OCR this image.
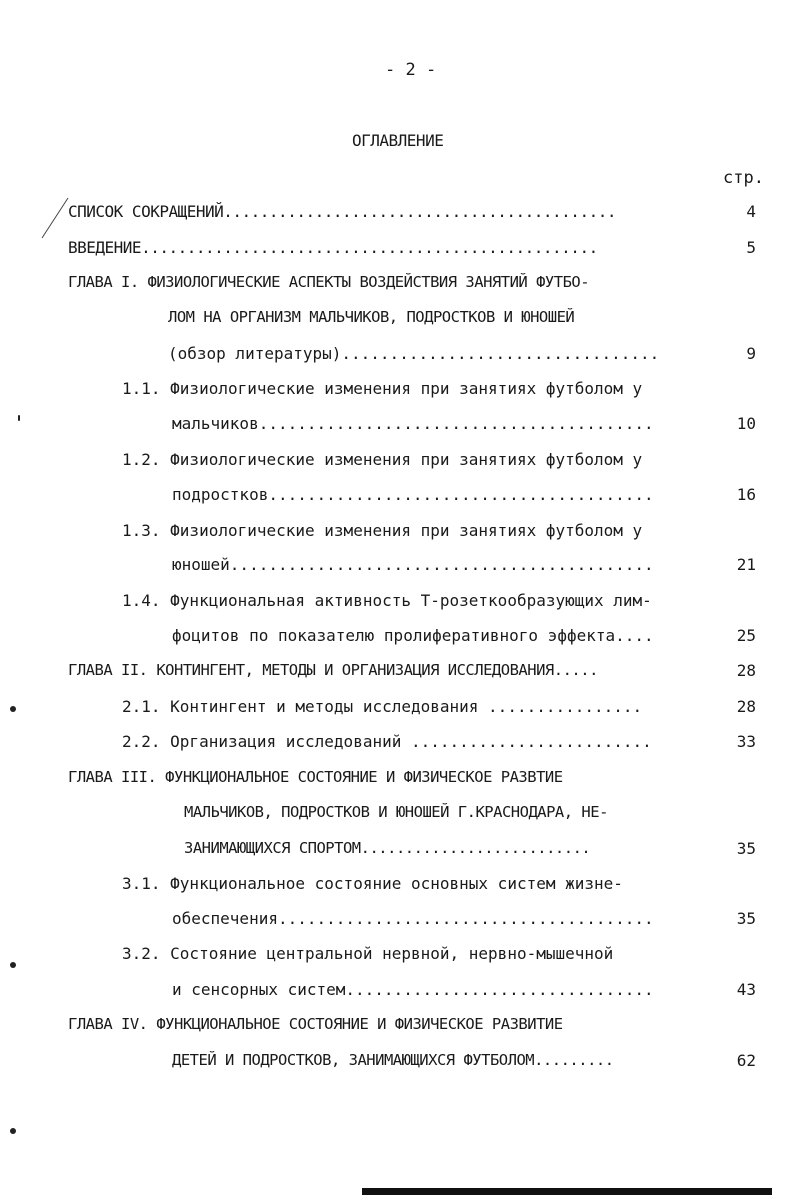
- 2 -
ОГЛАВЛЕНИЕ
стр.
СПИСОК СОКРАЩЕНИЙ...........................................	4
ВВЕДЕНИЕ..................................................	5
ГЛАВА I. ФИЗИОЛОГИЧЕСКИЕ АСПЕКТЫ ВОЗДЕЙСТВИЯ ЗАНЯТИЙ ФУТБО-
ЛОМ НА ОРГАНИЗМ МАЛЬЧИКОВ, ПОДРОСТКОВ И ЮНОШЕЙ
(обзор литературы).................................	9
1.1. Физиологические изменения при занятиях футболом у
мальчиков.........................................	10
1.2. Физиологические изменения при занятиях футболом у
подростков........................................	16
1.3. Физиологические изменения при занятиях футболом у
юношей............................................	21
1.4. Функциональная активность Т-розеткообразующих лим-
фоцитов по показателю пролиферативного эффекта....	25
ГЛАВА II. КОНТИНГЕНТ, МЕТОДЫ И ОРГАНИЗАЦИЯ ИССЛЕДОВАНИЯ.....	28
2.1. Контингент и методы исследования ................	28
2.2. Организация исследований .........................	33
ГЛАВА III. ФУНКЦИОНАЛЬНОЕ СОСТОЯНИЕ И ФИЗИЧЕСКОЕ РАЗВТИЕ
МАЛЬЧИКОВ, ПОДРОСТКОВ И ЮНОШЕЙ Г.КРАСНОДАРА, НЕ-
ЗАНИМАЮЩИХСЯ СПОРТОМ..........................	35
3.1. Функциональное состояние основных систем жизне-
обеспечения.......................................	35
3.2. Состояние центральной нервной, нервно-мышечной
и сенсорных систем................................	43
ГЛАВА IV. ФУНКЦИОНАЛЬНОЕ СОСТОЯНИЕ И ФИЗИЧЕСКОЕ РАЗВИТИЕ
ДЕТЕЙ И ПОДРОСТКОВ, ЗАНИМАЮЩИХСЯ ФУТБОЛОМ.........	62
